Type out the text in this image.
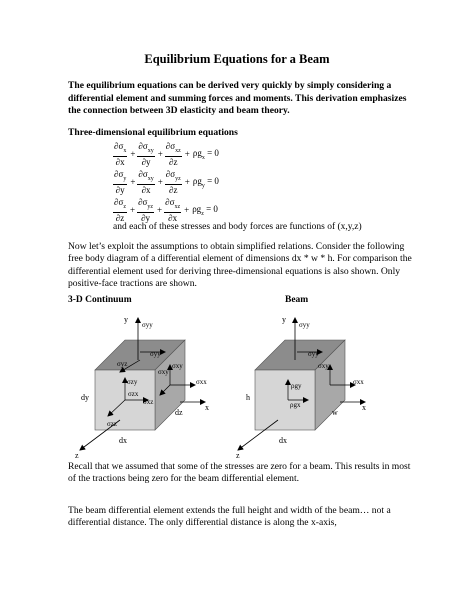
Equilibrium Equations for a Beam
The equilibrium equations can be derived very quickly by simply considering a differential element and summing forces and moments. This derivation emphasizes the connection between 3D elasticity and beam theory.
Three-dimensional equilibrium equations
$\frac{\partial\sigma_x}{\partial x} + \frac{\partial\sigma_{xy}}{\partial y} + \frac{\partial\sigma_{xz}}{\partial z} + \rho g_x = 0$
$\frac{\partial\sigma_y}{\partial y} + \frac{\partial\sigma_{xy}}{\partial x} + \frac{\partial\sigma_{yz}}{\partial z} + \rho g_y = 0$
$\frac{\partial\sigma_z}{\partial z} + \frac{\partial\sigma_{yz}}{\partial y} + \frac{\partial\sigma_{xz}}{\partial x} + \rho g_z = 0$
and each of these stresses and body forces are functions of (x,y,z)
Now let’s exploit the assumptions to obtain simplified relations. Consider the following free body diagram of a differential element of dimensions dx * w * h. For comparison the differential element used for deriving three-dimensional equations is also shown. Only positive-face tractions are shown.
3-D Continuum	Beam
y
x
z
σyy
σyy
σyz
σxy
σxx
σxy
σzy
σzx
σxz
σzz
dy
dz
dx
y
x
z
σyy
σyy
σxx
σxy
ρgy
ρgx
h
w
dx
Recall that we assumed that some of the stresses are zero for a beam. This results in most of the tractions being zero for the beam differential element.
The beam differential element extends the full height and width of the beam… not a differential distance. The only differential distance is along the x-axis,
